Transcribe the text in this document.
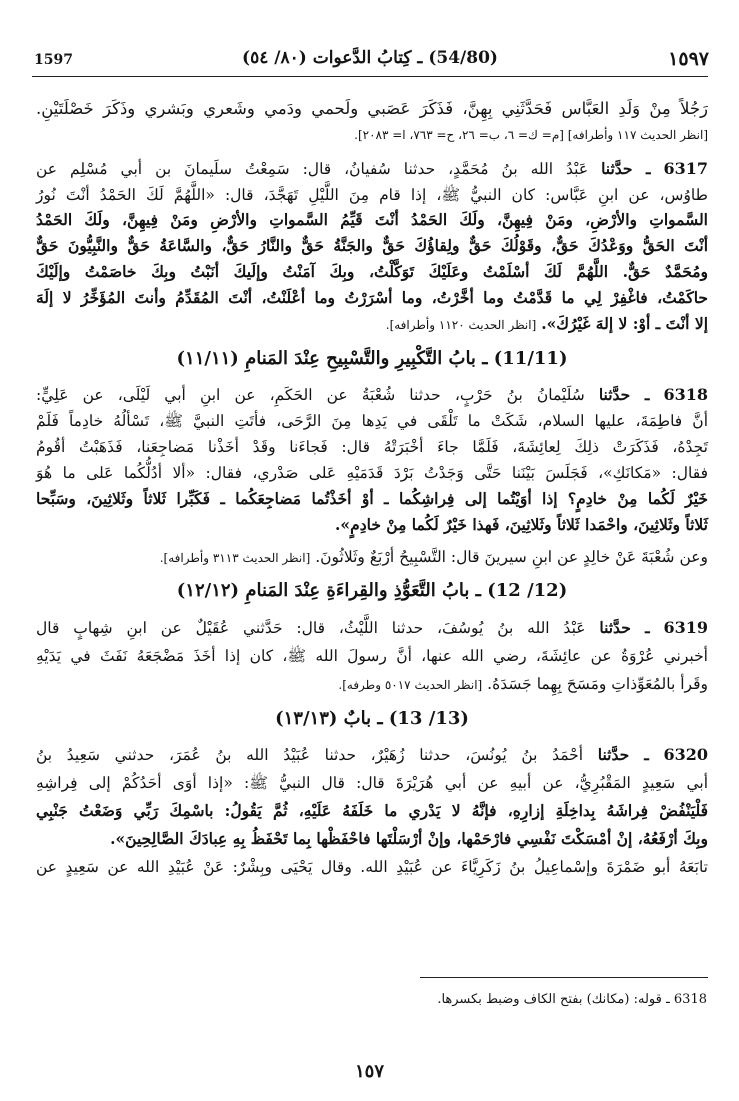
1597	(54/80) ـ كِتابُ الدَّعوات (٨٠/ ٥٤)	١٥٩٧
رَجُلاً مِنْ وَلَدِ العَبَّاس فَحَدَّثَنِي بِهِنَّ، فَذَكَرَ عَصَبي ولَحمي ودَمي وشَعري وبَشري وذَكَرَ خَصْلَتَيْنِ.
[انظر الحديث ١١٧ وأطرافه] [م= ك= ٦، ب= ٢٦، ح= ٧٦٣، ا= ٢٠٨٣].
6317 ـ حدَّثنا عَبْدُ الله بنُ مُحَمَّدٍ، حدثنا سُفيانُ، قال: سَمِعْتُ سلَيمانَ بن أبي مُسْلِم عن
طاوُس، عن ابنِ عَبَّاس: كان النبيُّ ﷺ، إذا قام مِنَ اللَّيْلِ تَهَجَّدَ، قال: «اللَّهُمَّ لَكَ الحَمْدُ أنْتَ نُورُ
السَّمواتِ والأرْضِ، ومَنْ فِيهِنَّ، ولَكَ الحَمْدُ أنْتَ قَيِّمُ السَّمواتِ والأرْضِ ومَنْ فِيهِنَّ، ولَكَ الحَمْدُ
أنْتَ الحَقُّ ووَعْدُكَ حَقٌّ، وقَوْلُكَ حَقٌّ ولِقاؤُكَ حَقٌّ والجَنَّةُ حَقٌّ والنَّارُ حَقٌّ، والسَّاعَةُ حَقٌّ والنَّبِيُّونَ حَقٌّ
ومُحَمَّدٌ حَقٌّ. اللَّهُمَّ لَكَ أسْلَمْتُ وعَلَيْكَ تَوَكَّلْتُ، وبِكَ آمَنْتُ وإلَيكَ أنَبْتُ وبِكَ خاصَمْتُ وإلَيْكَ
حاكَمْتُ، فاغْفِرْ لِي ما قَدَّمْتُ وما أخَّرْتُ، وما أسْرَرْتُ وما أعْلَنْتُ، أنْتَ المُقَدِّمُ وأنتَ المُؤَخِّرُ لا إلَهَ
إلا أنْتَ ـ أوْ: لا إلهَ غَيْرُكَ». [انظر الحديث ١١٢٠ وأطرافه].
(11/11) ـ بابُ التَّكْبِيرِ والتَّسْبِيحِ عِنْدَ المَنامِ (١١/١١)
6318 ـ حدَّثنا سُلَيْمانُ بنُ حَرْبٍ، حدثنا شُعْبَةُ عن الحَكَمِ، عن ابنِ أبي لَيْلَى، عن عَلِيٍّ:
أنَّ فاطِمَةَ، عليها السلام، شَكَتْ ما تَلْقَى في يَدِها مِنَ الرَّحَى، فأتَتِ النبيَّ ﷺ، تَسْألُهُ خادِماً فَلَمْ
تَجِدْهُ، فَذَكَرَتْ ذلِكَ لِعائِشَةَ، فَلَمَّا جاءَ أخْبَرَتْهُ قال: فَجاءَنا وقَدْ أخَذْنا مَضاجِعَنا، فَذَهَبْتُ أقُومُ
فقال: «مَكانَكِ»، فَجَلَسَ بَيْنَنا حَتَّى وَجَدْتُ بَرْدَ قَدَمَيْهِ عَلى صَدْري، فقال: «ألا أدُلُّكُما عَلى ما هُوَ
خَيْرٌ لَكُما مِنْ خادِمٍ؟ إذا أوَيْتُما إلى فِراشِكُما ـ أوْ أخَذْتُما مَضاجِعَكُما ـ فَكَبِّرا ثَلاثاً وثَلاثِينَ، وسَبِّحا
ثَلاثاً وثَلاثِينَ، واحْمَدا ثَلاثاً وثَلاثِينَ، فَهذا خَيْرٌ لَكُما مِنْ خادِمٍ».
وعن شُعْبَةَ عَنْ خالِدٍ عن ابنِ سيرينَ قال: التَّسْبِيحُ أرْبَعٌ وثَلاثُونَ. [انظر الحديث ٣١١٣ وأطرافه].
(12/ 12) ـ بابُ التَّعَوُّذِ والقِراءَةِ عِنْدَ المَنامِ (١٢/١٢)
6319 ـ حدَّثنا عَبْدُ الله بنُ يُوسُفَ، حدثنا اللَّيْثُ، قال: حَدَّثني عُقَيْلٌ عن ابنِ شِهابٍ قال
أخبرني عُرْوَةُ عن عائِشَةَ، رضي الله عنها، أنَّ رسولَ الله ﷺ، كان إذا أخَذَ مَضْجَعَهُ نَفَثَ في يَدَيْهِ
وقَرأ بالمُعَوِّذاتِ ومَسَحَ بِهِما جَسَدَهُ. [انظر الحديث ٥٠١٧ وطرفه].
(13/ 13) ـ بابٌ (١٣/١٣)
6320 ـ حدَّثنا أحْمَدُ بنُ يُونُسَ، حدثنا زُهَيْرٌ، حدثنا عُبَيْدُ الله بنُ عُمَرَ، حدثني سَعِيدُ بنُ
أبي سَعِيدٍ المَقْبُرِيُّ، عن أبيهِ عن أبي هُرَيْرَةَ قال: قال النبيُّ ﷺ: «إذا أوَى أحَدُكُمْ إلى فِراشِهِ
فَلْيَنْفُضْ فِراشَهُ بِداخِلَةِ إزارِهِ، فإنَّهُ لا يَدْري ما خَلَفَهُ عَلَيْهِ، ثُمَّ يَقُولُ: باسْمِكَ رَبِّي وَضَعْتُ جَنْبِي
وبِكَ أرْفَعُهُ، إنْ أمْسَكْتَ نَفْسِي فارْحَمْها، وإنْ أرْسَلْتَها فاحْفَظْها بِما تَحْفَظُ بِهِ عِبادَكَ الصَّالِحِينَ».
تابَعَهُ أبو ضَمْرَةَ وإسْماعِيلُ بنُ زَكَرِيَّاءَ عن عُبَيْدِ الله. وقال يَحْيَى وبِشْرٌ: عَنْ عُبَيْدِ الله عن سَعِيدٍ عن
6318 ـ قوله: (مكانك) بفتح الكاف وضبط بكسرها.
١٥٧
